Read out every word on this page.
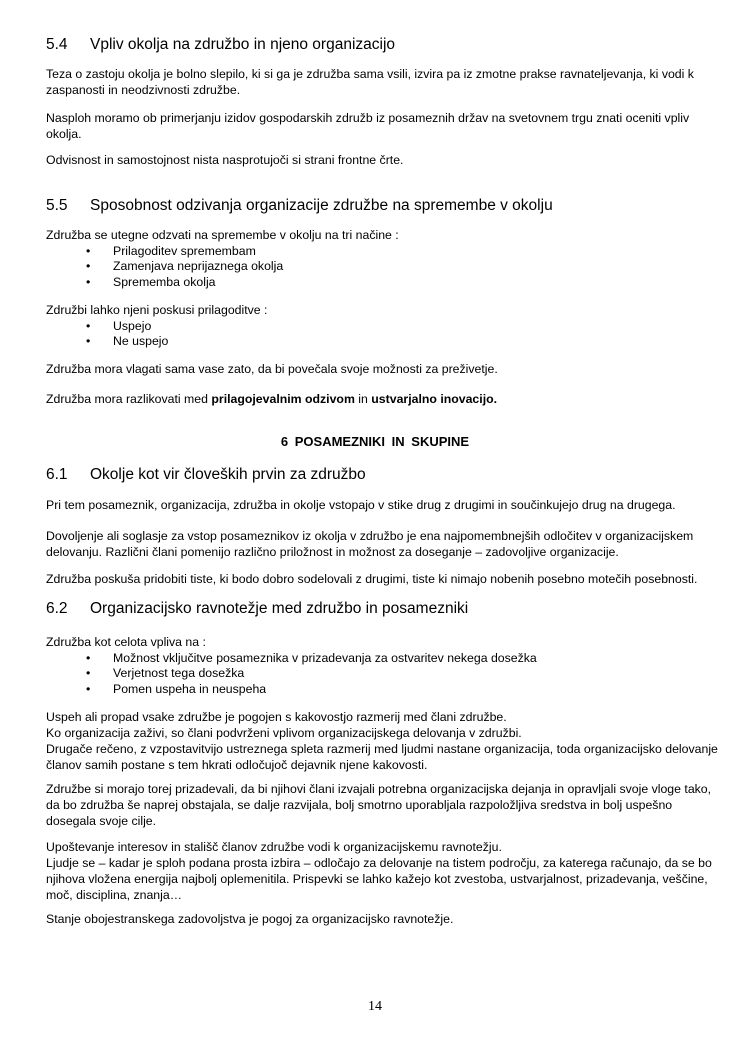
5.4 Vpliv okolja na združbo in njeno organizacijo
Teza o zastoju okolja je bolno slepilo, ki si ga je združba sama vsili, izvira pa iz zmotne prakse ravnateljevanja, ki vodi k zaspanosti in neodzivnosti združbe.
Nasploh moramo ob primerjanju izidov gospodarskih združb iz posameznih držav na svetovnem trgu znati oceniti vpliv okolja.
Odvisnost in samostojnost nista nasprotujoči si strani frontne črte.
5.5 Sposobnost odzivanja organizacije združbe na spremembe v okolju
Združba se utegne odzvati na spremembe v okolju na tri načine :
•	Prilagoditev spremembam
•	Zamenjava neprijaznega okolja
•	Sprememba okolja
Združbi lahko njeni poskusi prilagoditve :
•	Uspejo
•	Ne uspejo
Združba mora vlagati sama vase zato, da bi povečala svoje možnosti za preživetje.
Združba mora razlikovati med prilagojevalnim odzivom in ustvarjalno inovacijo.
6 POSAMEZNIKI IN SKUPINE
6.1 Okolje kot vir človeških prvin za združbo
Pri tem posameznik, organizacija, združba in okolje vstopajo v stike drug z drugimi in součinkujejo drug na drugega.
Dovoljenje ali soglasje za vstop posameznikov iz okolja v združbo je ena najpomembnejših odločitev v organizacijskem delovanju. Različni člani pomenijo različno priložnost in možnost za doseganje – zadovoljive organizacije.
Združba poskuša pridobiti tiste, ki bodo dobro sodelovali z drugimi, tiste ki nimajo nobenih posebno motečih posebnosti.
6.2 Organizacijsko ravnotežje med združbo in posamezniki
Združba kot celota vpliva na :
•	Možnost vključitve posameznika v prizadevanja za ostvaritev nekega dosežka
•	Verjetnost tega dosežka
•	Pomen uspeha in neuspeha
Uspeh ali propad vsake združbe je pogojen s kakovostjo razmerij med člani združbe.
Ko organizacija zaživi, so člani podvrženi vplivom organizacijskega delovanja v združbi.
Drugače rečeno, z vzpostavitvijo ustreznega spleta razmerij med ljudmi nastane organizacija, toda organizacijsko delovanje članov samih postane s tem hkrati odločujoč dejavnik njene kakovosti.
Združbe si morajo torej prizadevali, da bi njihovi člani izvajali potrebna organizacijska dejanja in opravljali svoje vloge tako, da bo združba še naprej obstajala, se dalje razvijala, bolj smotrno uporabljala razpoložljiva sredstva in bolj uspešno dosegala svoje cilje.
Upoštevanje interesov in stališč članov združbe vodi k organizacijskemu ravnotežju.
Ljudje se – kadar je sploh podana prosta izbira – odločajo za delovanje na tistem področju, za katerega računajo, da se bo njihova vložena energija najbolj oplemenitila. Prispevki se lahko kažejo kot zvestoba, ustvarjalnost, prizadevanja, veščine, moč, disciplina, znanja…
Stanje obojestranskega zadovoljstva je pogoj za organizacijsko ravnotežje.
14
